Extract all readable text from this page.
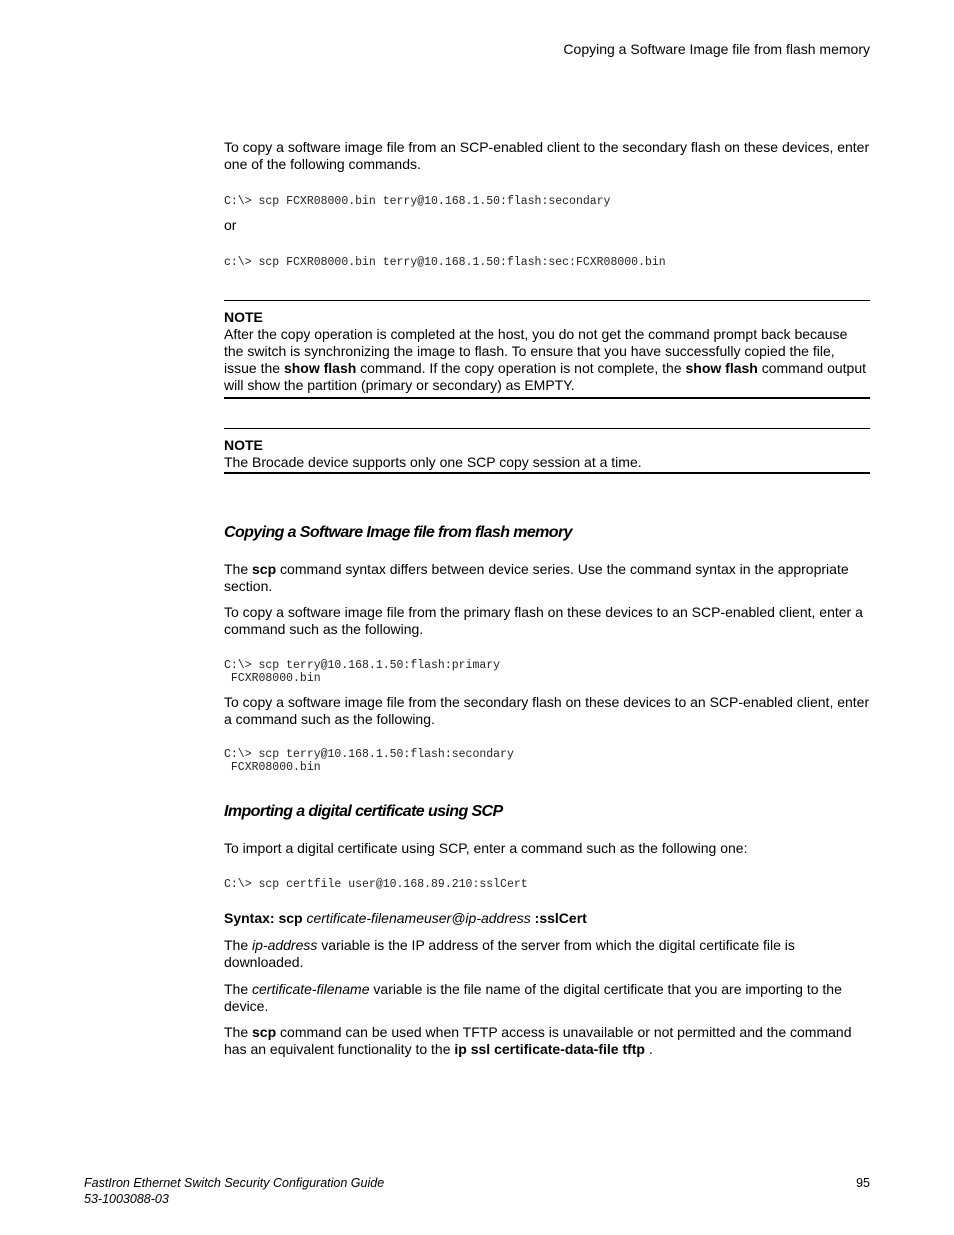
Copying a Software Image file from flash memory

To copy a software image file from an SCP-enabled client to the secondary flash on these devices, enter one of the following commands.

C:\> scp FCXR08000.bin terry@10.168.1.50:flash:secondary

or

c:\> scp FCXR08000.bin terry@10.168.1.50:flash:sec:FCXR08000.bin
NOTE

After the copy operation is completed at the host, you do not get the command prompt back because the switch is synchronizing the image to flash. To ensure that you have successfully copied the file, issue the show flash command. If the copy operation is not complete, the show flash command output will show the partition (primary or secondary) as EMPTY.

NOTE

The Brocade device supports only one SCP copy session at a time.

Copying a Software Image file from flash memory

The scp command syntax differs between device series. Use the command syntax in the appropriate section.

To copy a software image file from the primary flash on these devices to an SCP-enabled client, enter a command such as the following.

C:\> scp terry@10.168.1.50:flash:primary
FCXR08000.bin

To copy a software image file from the secondary flash on these devices to an SCP-enabled client, enter a command such as the following.

C:\> scp terry@10.168.1.50:flash:secondary
FCXR08000.bin
Importing a digital certificate using SCP

To import a digital certificate using SCP, enter a command such as the following one:

C:\> scp certfile user@10.168.89.210:sslCert

Syntax: scp certificate-filenameuser@ip-address :sslCert

The ip-address variable is the IP address of the server from which the digital certificate file is downloaded.

The certificate-filename variable is the file name of the digital certificate that you are importing to the device.

The scp command can be used when TFTP access is unavailable or not permitted and the command has an equivalent functionality to the ip ssl certificate-data-file tftp .

FastIron Ethernet Switch Security Configuration Guide
53-1003088-03
95
